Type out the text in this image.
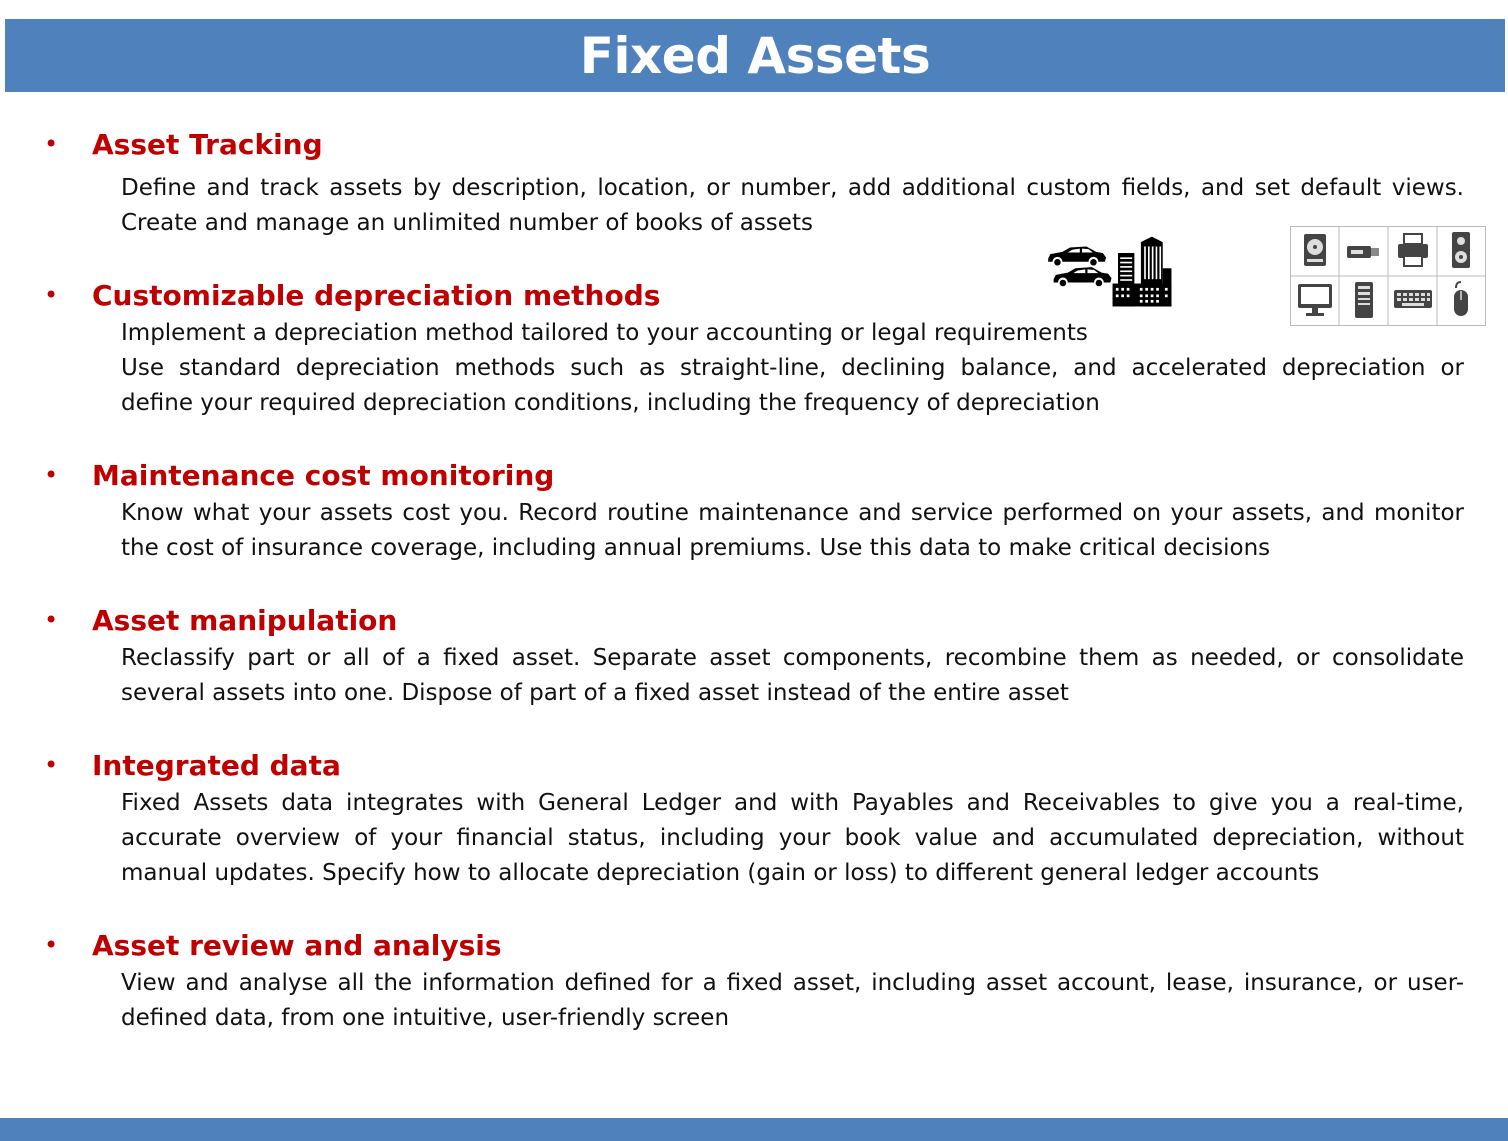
Fixed Assets
• Asset Tracking
Define and track assets by description, location, or number, add additional custom fields, and set default views.
Create and manage an unlimited number of books of assets
• Customizable depreciation methods
Implement a depreciation method tailored to your accounting or legal requirements
Use standard depreciation methods such as straight-line, declining balance, and accelerated depreciation or
define your required depreciation conditions, including the frequency of depreciation
• Maintenance cost monitoring
Know what your assets cost you. Record routine maintenance and service performed on your assets, and monitor
the cost of insurance coverage, including annual premiums. Use this data to make critical decisions
• Asset manipulation
Reclassify part or all of a fixed asset. Separate asset components, recombine them as needed, or consolidate
several assets into one. Dispose of part of a fixed asset instead of the entire asset
• Integrated data
Fixed Assets data integrates with General Ledger and with Payables and Receivables to give you a real-time,
accurate overview of your financial status, including your book value and accumulated depreciation, without
manual updates. Specify how to allocate depreciation (gain or loss) to different general ledger accounts
• Asset review and analysis
View and analyse all the information defined for a fixed asset, including asset account, lease, insurance, or user-
defined data, from one intuitive, user-friendly screen
